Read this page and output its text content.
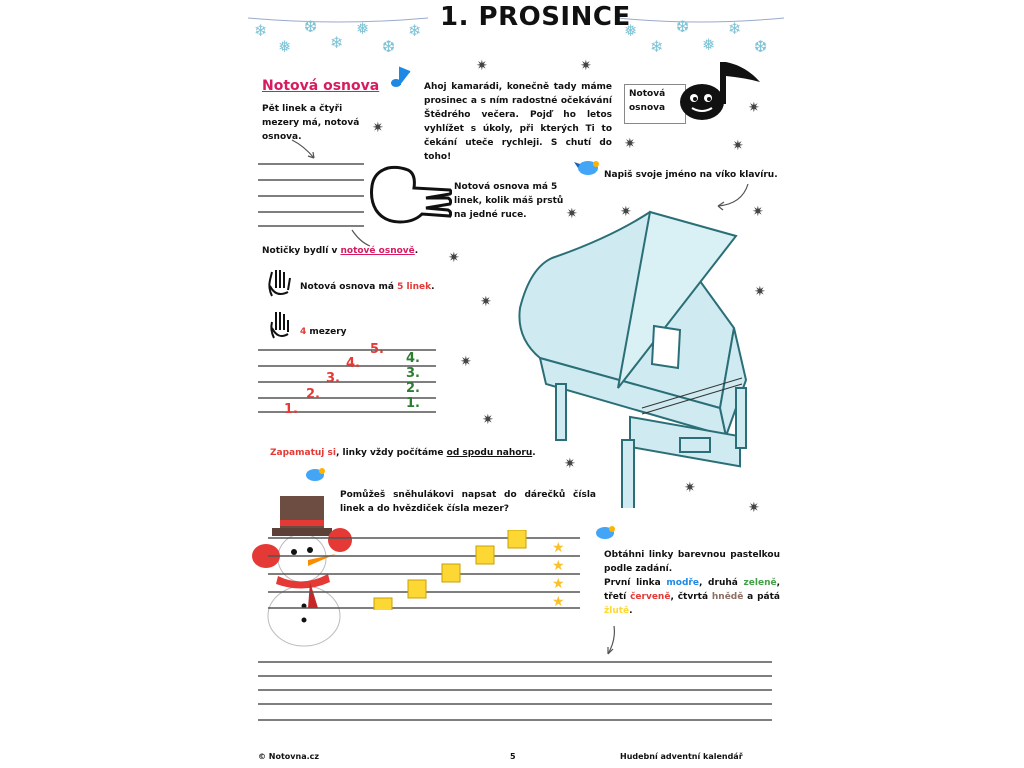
❄
❅
❆
❄
❅
❆
❄	❅
❄
❆
❅
❄
❆
1. PROSINCE
Notová osnova
Pět linek a čtyři mezery má, notová osnova.
Ahoj kamarádi, konečně tady máme prosinec a s ním radostné očekávání Štědrého večera. Pojď ho letos vyhlížet s úkoly, při kterých Ti to čekání uteče rychleji. S chutí do toho!
Notová
osnova
Notová osnova má 5 linek, kolik máš prstů na jedné ruce.
Napiš svoje jméno na víko klavíru.
Notičky bydlí v notové osnově.
Notová osnova má 5 linek.
4 mezery
1.
2.
3.
4.
5.
1.
2.
3.
4.
✷	✷
✷
✷
✷	✷
✷
✷	✷
✷
✷
✷
✷
✷
✷
✷
✷
Zapamatuj si, linky vždy počítáme od spodu nahoru.
Pomůžeš sněhulákovi napsat do dárečků čísla linek a do hvězdiček čísla mezer?
★
★
★
★
Obtáhni linky barevnou pastelkou podle zadání.
První linka modře, druhá zeleně, třetí červeně, čtvrtá hnědě a pátá žlutě.
© Notovna.cz	5	Hudební adventní kalendář
